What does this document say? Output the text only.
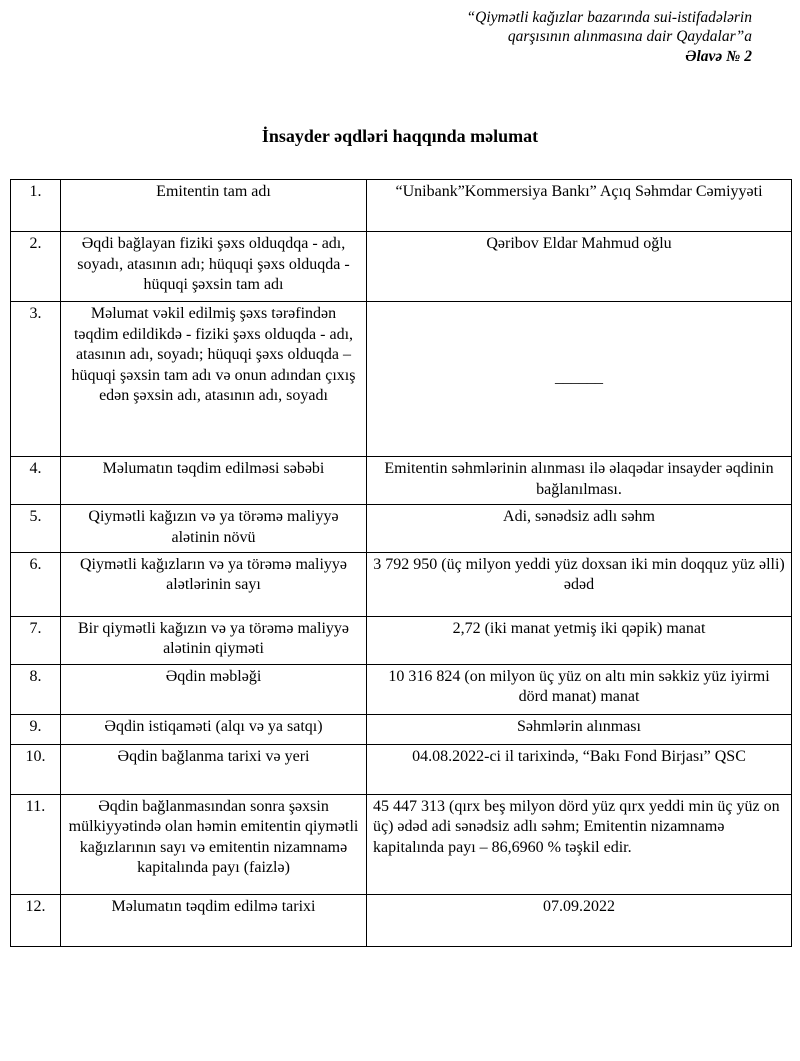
“Qiymətli kağızlar bazarında sui-istifadələrin
qarşısının alınmasına dair Qaydalar”a
Əlavə № 2
İnsayder əqdləri haqqında məlumat
1.	Emitentin tam adı	“Unibank”Kommersiya Bankı” Açıq Səhmdar Cəmiyyəti
2.	Əqdi bağlayan fiziki şəxs olduqdqa - adı, soyadı, atasının adı; hüquqi şəxs olduqda - hüquqi şəxsin tam adı	Qəribov Eldar Mahmud oğlu
3.	Məlumat vəkil edilmiş şəxs tərəfindən təqdim edildikdə - fiziki şəxs olduqda - adı, atasının adı, soyadı; hüquqi şəxs olduqda – hüquqi şəxsin tam adı və onun adından çıxış edən şəxsin adı, atasının adı, soyadı	______
4.	Məlumatın təqdim edilməsi səbəbi	Emitentin səhmlərinin alınması ilə əlaqədar insayder əqdinin bağlanılması.
5.	Qiymətli kağızın və ya törəmə maliyyə alətinin növü	Adi, sənədsiz adlı səhm
6.	Qiymətli kağızların və ya törəmə maliyyə alətlərinin sayı	3 792 950 (üç milyon yeddi yüz doxsan iki min doqquz yüz əlli) ədəd
7.	Bir qiymətli kağızın və ya törəmə maliyyə alətinin qiyməti	2,72 (iki manat yetmiş iki qəpik) manat
8.	Əqdin məbləği	10 316 824 (on milyon üç yüz on altı min səkkiz yüz iyirmi dörd manat) manat
9.	Əqdin istiqaməti (alqı və ya satqı)	Səhmlərin alınması
10.	Əqdin bağlanma tarixi və yeri	04.08.2022-ci il tarixində, “Bakı Fond Birjası” QSC
11.	Əqdin bağlanmasından sonra şəxsin mülkiyyətində olan həmin emitentin qiymətli kağızlarının sayı və emitentin nizamnamə kapitalında payı (faizlə)	45 447 313 (qırx beş milyon dörd yüz qırx yeddi min üç yüz on üç) ədəd adi sənədsiz adlı səhm; Emitentin nizamnamə kapitalında payı – 86,6960 % təşkil edir.
12.	Məlumatın təqdim edilmə tarixi	07.09.2022
